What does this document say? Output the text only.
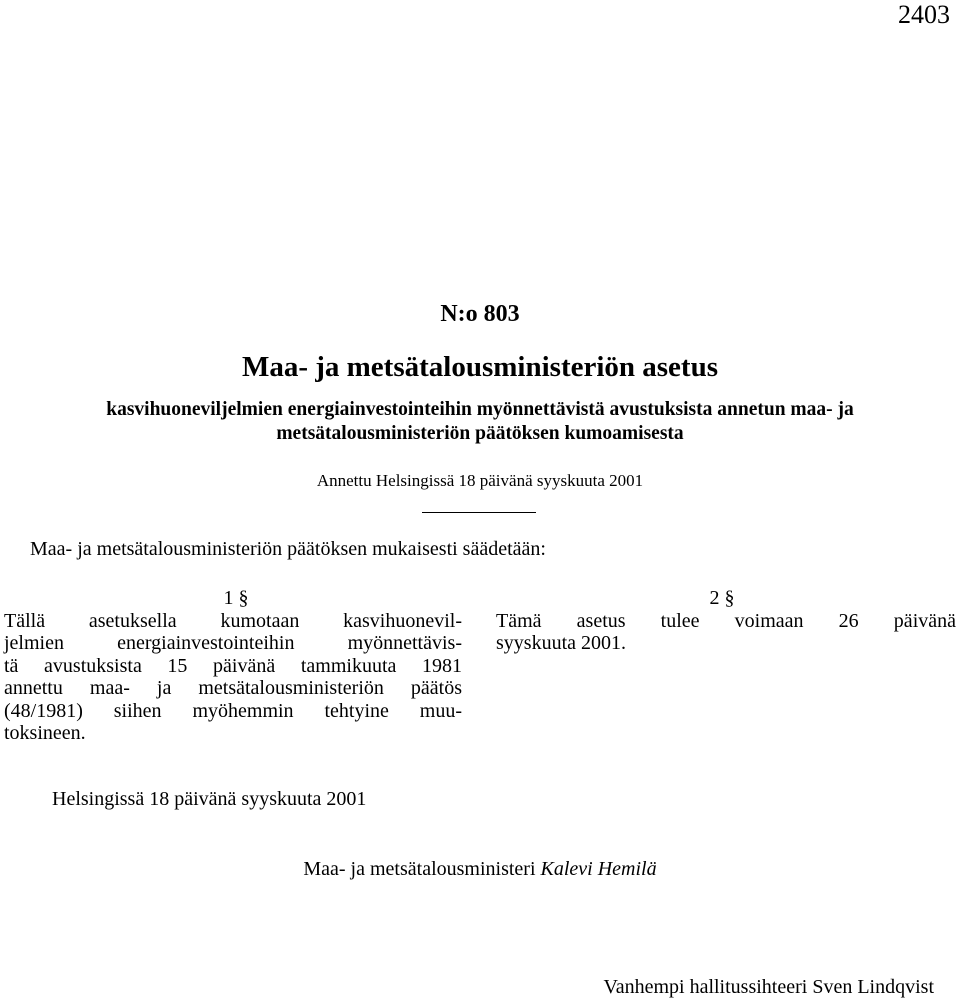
2403
N:o 803
Maa- ja metsätalousministeriön asetus
kasvihuoneviljelmien energiainvestointeihin myönnettävistä avustuksista annetun maa- ja
metsätalousministeriön päätöksen kumoamisesta
Annettu Helsingissä 18 päivänä syyskuuta 2001
Maa- ja metsätalousministeriön päätöksen mukaisesti säädetään:
1 §
Tällä asetuksella kumotaan kasvihuonevil-
jelmien energiainvestointeihin myönnettävis-
tä avustuksista 15 päivänä tammikuuta 1981
annettu maa- ja metsätalousministeriön päätös
(48/1981) siihen myöhemmin tehtyine muu-
toksineen.
2 §
Tämä asetus tulee voimaan 26 päivänä
syyskuuta 2001.
Helsingissä 18 päivänä syyskuuta 2001
Maa- ja metsätalousministeri Kalevi Hemilä
Vanhempi hallitussihteeri Sven Lindqvist
